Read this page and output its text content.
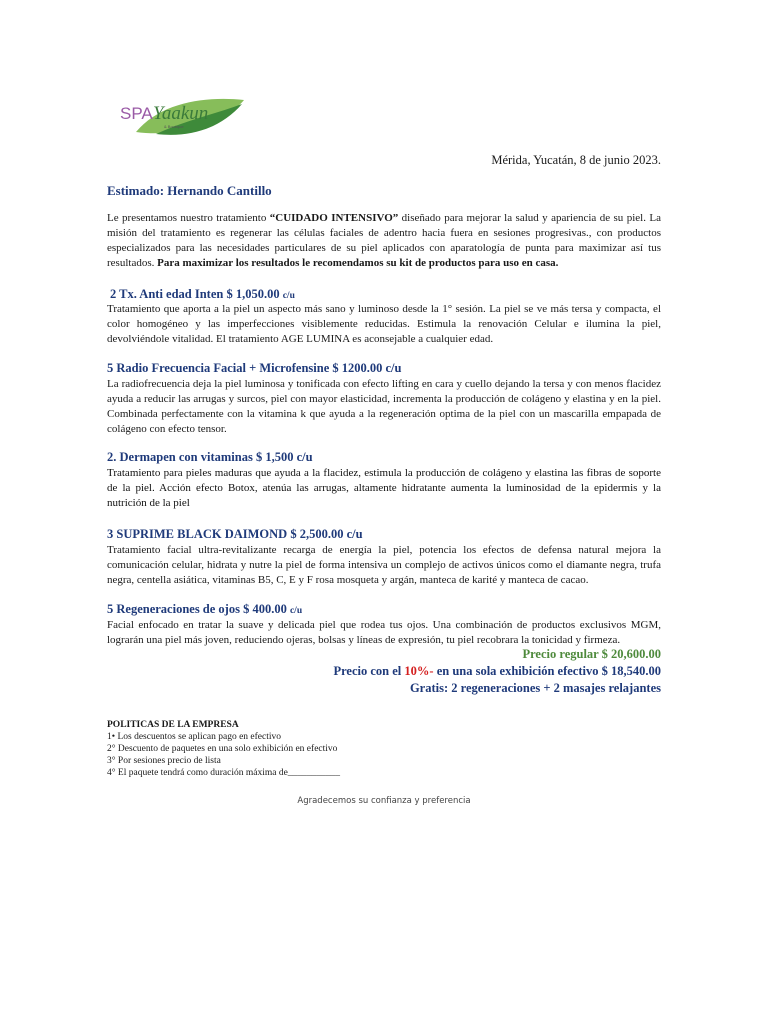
SPA Yaakun
& Boutique
Mérida, Yucatán, 8 de junio 2023.
Estimado: Hernando Cantillo
Le presentamos nuestro tratamiento “CUIDADO INTENSIVO” diseñado para mejorar la salud y apariencia de su piel. La misión del tratamiento es regenerar las células faciales de adentro hacia fuera en sesiones progresivas., con productos especializados para las necesidades particulares de su piel aplicados con aparatología de punta para maximizar así tus resultados. Para maximizar los resultados le recomendamos su kit de productos para uso en casa.
2 Tx. Anti edad Inten $ 1,050.00 c/u
Tratamiento que aporta a la piel un aspecto más sano y luminoso desde la 1° sesión. La piel se ve más tersa y compacta, el color homogéneo y las imperfecciones visiblemente reducidas. Estimula la renovación Celular e ilumina la piel, devolviéndole vitalidad. El tratamiento AGE LUMINA es aconsejable a cualquier edad.
5 Radio Frecuencia Facial + Microfensine $ 1200.00 c/u
La radiofrecuencia deja la piel luminosa y tonificada con efecto lifting en cara y cuello dejando la tersa y con menos flacidez ayuda a reducir las arrugas y surcos, piel con mayor elasticidad, incrementa la producción de colágeno y elastina y en la piel. Combinada perfectamente con la vitamina k que ayuda a la regeneración optima de la piel con un mascarilla empapada de colágeno con efecto tensor.
2. Dermapen con vitaminas $ 1,500 c/u
Tratamiento para pieles maduras que ayuda a la flacidez, estimula la producción de colágeno y elastina las fibras de soporte de la piel. Acción efecto Botox, atenúa las arrugas, altamente hidratante aumenta la luminosidad de la epidermis y la nutrición de la piel
3 SUPRIME BLACK DAIMOND $ 2,500.00 c/u
Tratamiento facial ultra-revitalizante recarga de energía la piel, potencia los efectos de defensa natural mejora la comunicación celular, hidrata y nutre la piel de forma intensiva un complejo de activos únicos como el diamante negra, trufa negra, centella asiática, vitaminas B5, C, E y F rosa mosqueta y argán, manteca de karité y manteca de cacao.
5 Regeneraciones de ojos $ 400.00 c/u
Facial enfocado en tratar la suave y delicada piel que rodea tus ojos. Una combinación de productos exclusivos MGM, lograrán una piel más joven, reduciendo ojeras, bolsas y líneas de expresión, tu piel recobrara la tonicidad y firmeza.
Precio regular $ 20,600.00
Precio con el 10%- en una sola exhibición efectivo $ 18,540.00
Gratis: 2 regeneraciones + 2 masajes relajantes
POLITICAS DE LA EMPRESA
1• Los descuentos se aplican pago en efectivo
2° Descuento de paquetes en una solo exhibición en efectivo
3° Por sesiones precio de lista
4° El paquete tendrá como duración máxima de___________
Agradecemos su confianza y preferencia
